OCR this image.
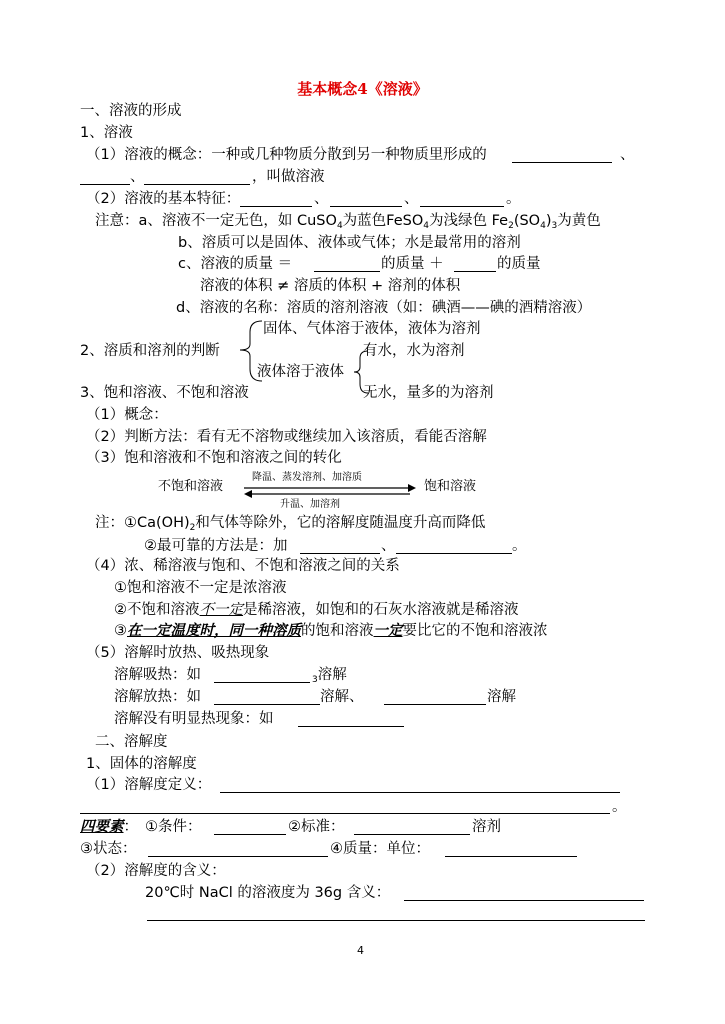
基本概念4《溶液》
一、溶液的形成
1、溶液
（1）溶液的概念：一种或几种物质分散到另一种物质里形成的	、
、	，叫做溶液
（2）溶液的基本特征：	、	、	。
注意：a、溶液不一定无色，如 CuSO$_4$为蓝色FeSO$_4$为浅绿色 $Fe_2(SO_4)_3$为黄色
b、溶质可以是固体、液体或气体；水是最常用的溶剂
c、溶液的质量 ＝	的质量 ＋	的质量
溶液的体积 ≠ 溶质的体积 + 溶剂的体积
d、溶液的名称：溶质的溶剂溶液（如：碘酒——碘的酒精溶液）
固体、气体溶于液体，液体为溶剂
2、溶质和溶剂的判断	有水，水为溶剂
液体溶于液体
3、饱和溶液、不饱和溶液	无水，量多的为溶剂
（1）概念：
（2）判断方法：看有无不溶物或继续加入该溶质，看能否溶解
（3）饱和溶液和不饱和溶液之间的转化
降温、蒸发溶剂、加溶质
不饱和溶液	饱和溶液
升温、加溶剂
注：$①Ca(OH)_2$和气体等除外，它的溶解度随温度升高而降低
②最可靠的方法是：加	、	。
（4）浓、稀溶液与饱和、不饱和溶液之间的关系
①饱和溶液不一定是浓溶液
②不饱和溶液不一定是稀溶液，如饱和的石灰水溶液就是稀溶液
③在一定温度时，同一种溶质的饱和溶液一定要比它的不饱和溶液浓
（5）溶解时放热、吸热现象
溶解吸热：如	$_3$溶解
溶解放热：如	溶解、	溶解
溶解没有明显热现象：如
二、溶解度
1、固体的溶解度
（1）溶解度定义：
。
四要素： ①条件：	②标准：	溶剂
③状态：	④质量：单位：
（2）溶解度的含义：
20℃时 NaCl 的溶液度为 36g 含义：
4
